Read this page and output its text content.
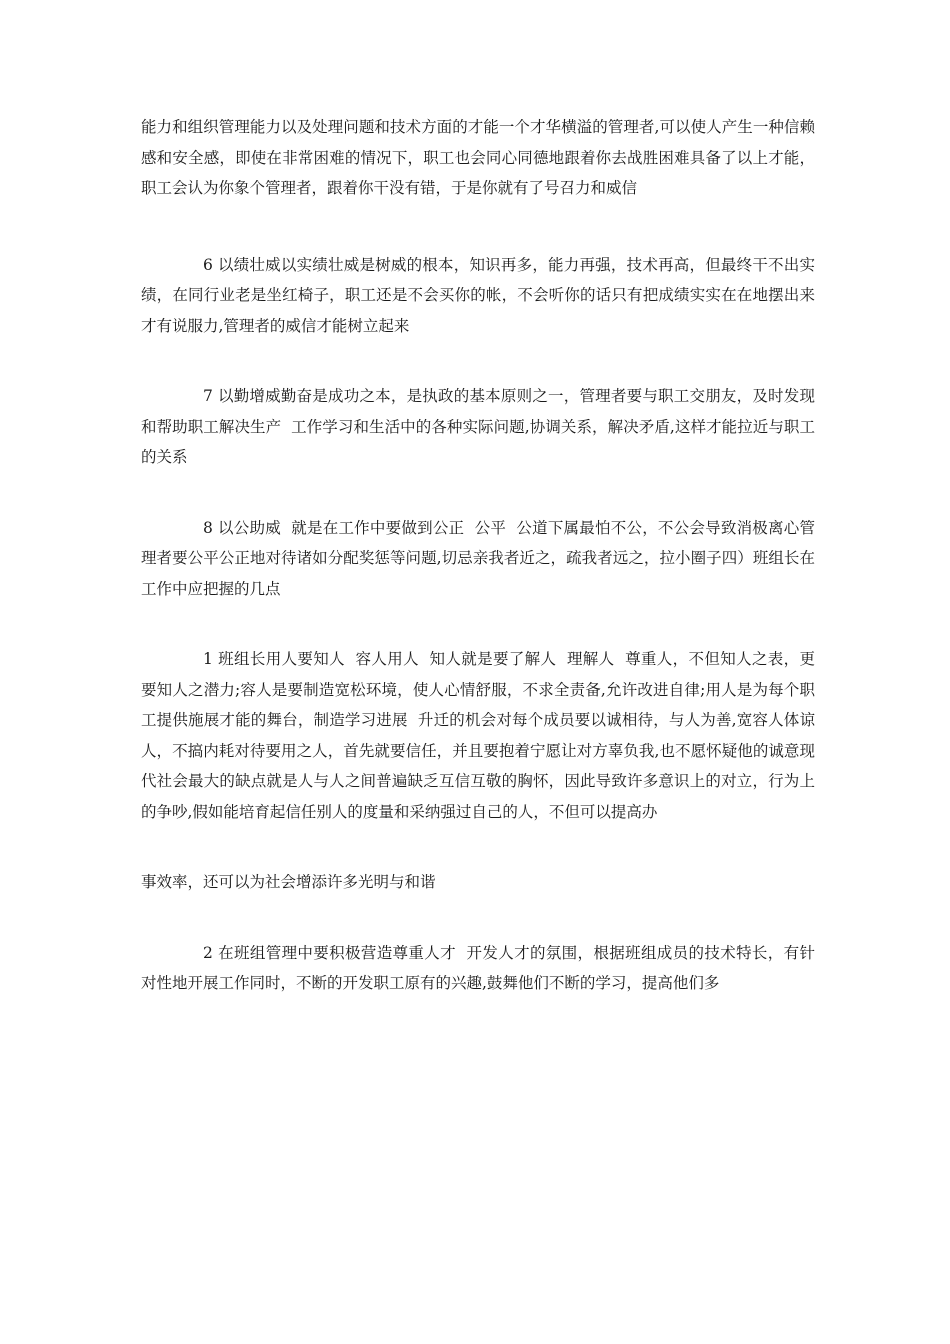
能力和组织管理能力以及处理问题和技术方面的才能一个才华横溢的管理者,可以使人产生一种信赖感和安全感，即使在非常困难的情况下，职工也会同心同德地跟着你去战胜困难具备了以上才能，职工会认为你象个管理者，跟着你干没有错，于是你就有了号召力和威信

6 以绩壮威以实绩壮威是树威的根本，知识再多，能力再强，技术再高，但最终干不出实绩，在同行业老是坐红椅子，职工还是不会买你的帐，不会听你的话只有把成绩实实在在地摆出来才有说服力,管理者的威信才能树立起来

7 以勤增威勤奋是成功之本，是执政的基本原则之一，管理者要与职工交朋友，及时发现和帮助职工解决生产  工作学习和生活中的各种实际问题,协调关系，解决矛盾,这样才能拉近与职工的关系

8 以公助威  就是在工作中要做到公正  公平  公道下属最怕不公，不公会导致消极离心管理者要公平公正地对待诸如分配奖惩等问题,切忌亲我者近之，疏我者远之，拉小圈子四）班组长在工作中应把握的几点

1 班组长用人要知人  容人用人  知人就是要了解人  理解人  尊重人，不但知人之表，更要知人之潜力;容人是要制造宽松环境，使人心情舒服，不求全责备,允许改进自律;用人是为每个职工提供施展才能的舞台，制造学习进展  升迁的机会对每个成员要以诚相待，与人为善,宽容人体谅人，不搞内耗对待要用之人，首先就要信任，并且要抱着宁愿让对方辜负我,也不愿怀疑他的诚意现代社会最大的缺点就是人与人之间普遍缺乏互信互敬的胸怀，因此导致许多意识上的对立，行为上的争吵,假如能培育起信任别人的度量和采纳强过自己的人，不但可以提高办

事效率，还可以为社会增添许多光明与和谐

2 在班组管理中要积极营造尊重人才  开发人才的氛围，根据班组成员的技术特长，有针对性地开展工作同时，不断的开发职工原有的兴趣,鼓舞他们不断的学习，提高他们多
